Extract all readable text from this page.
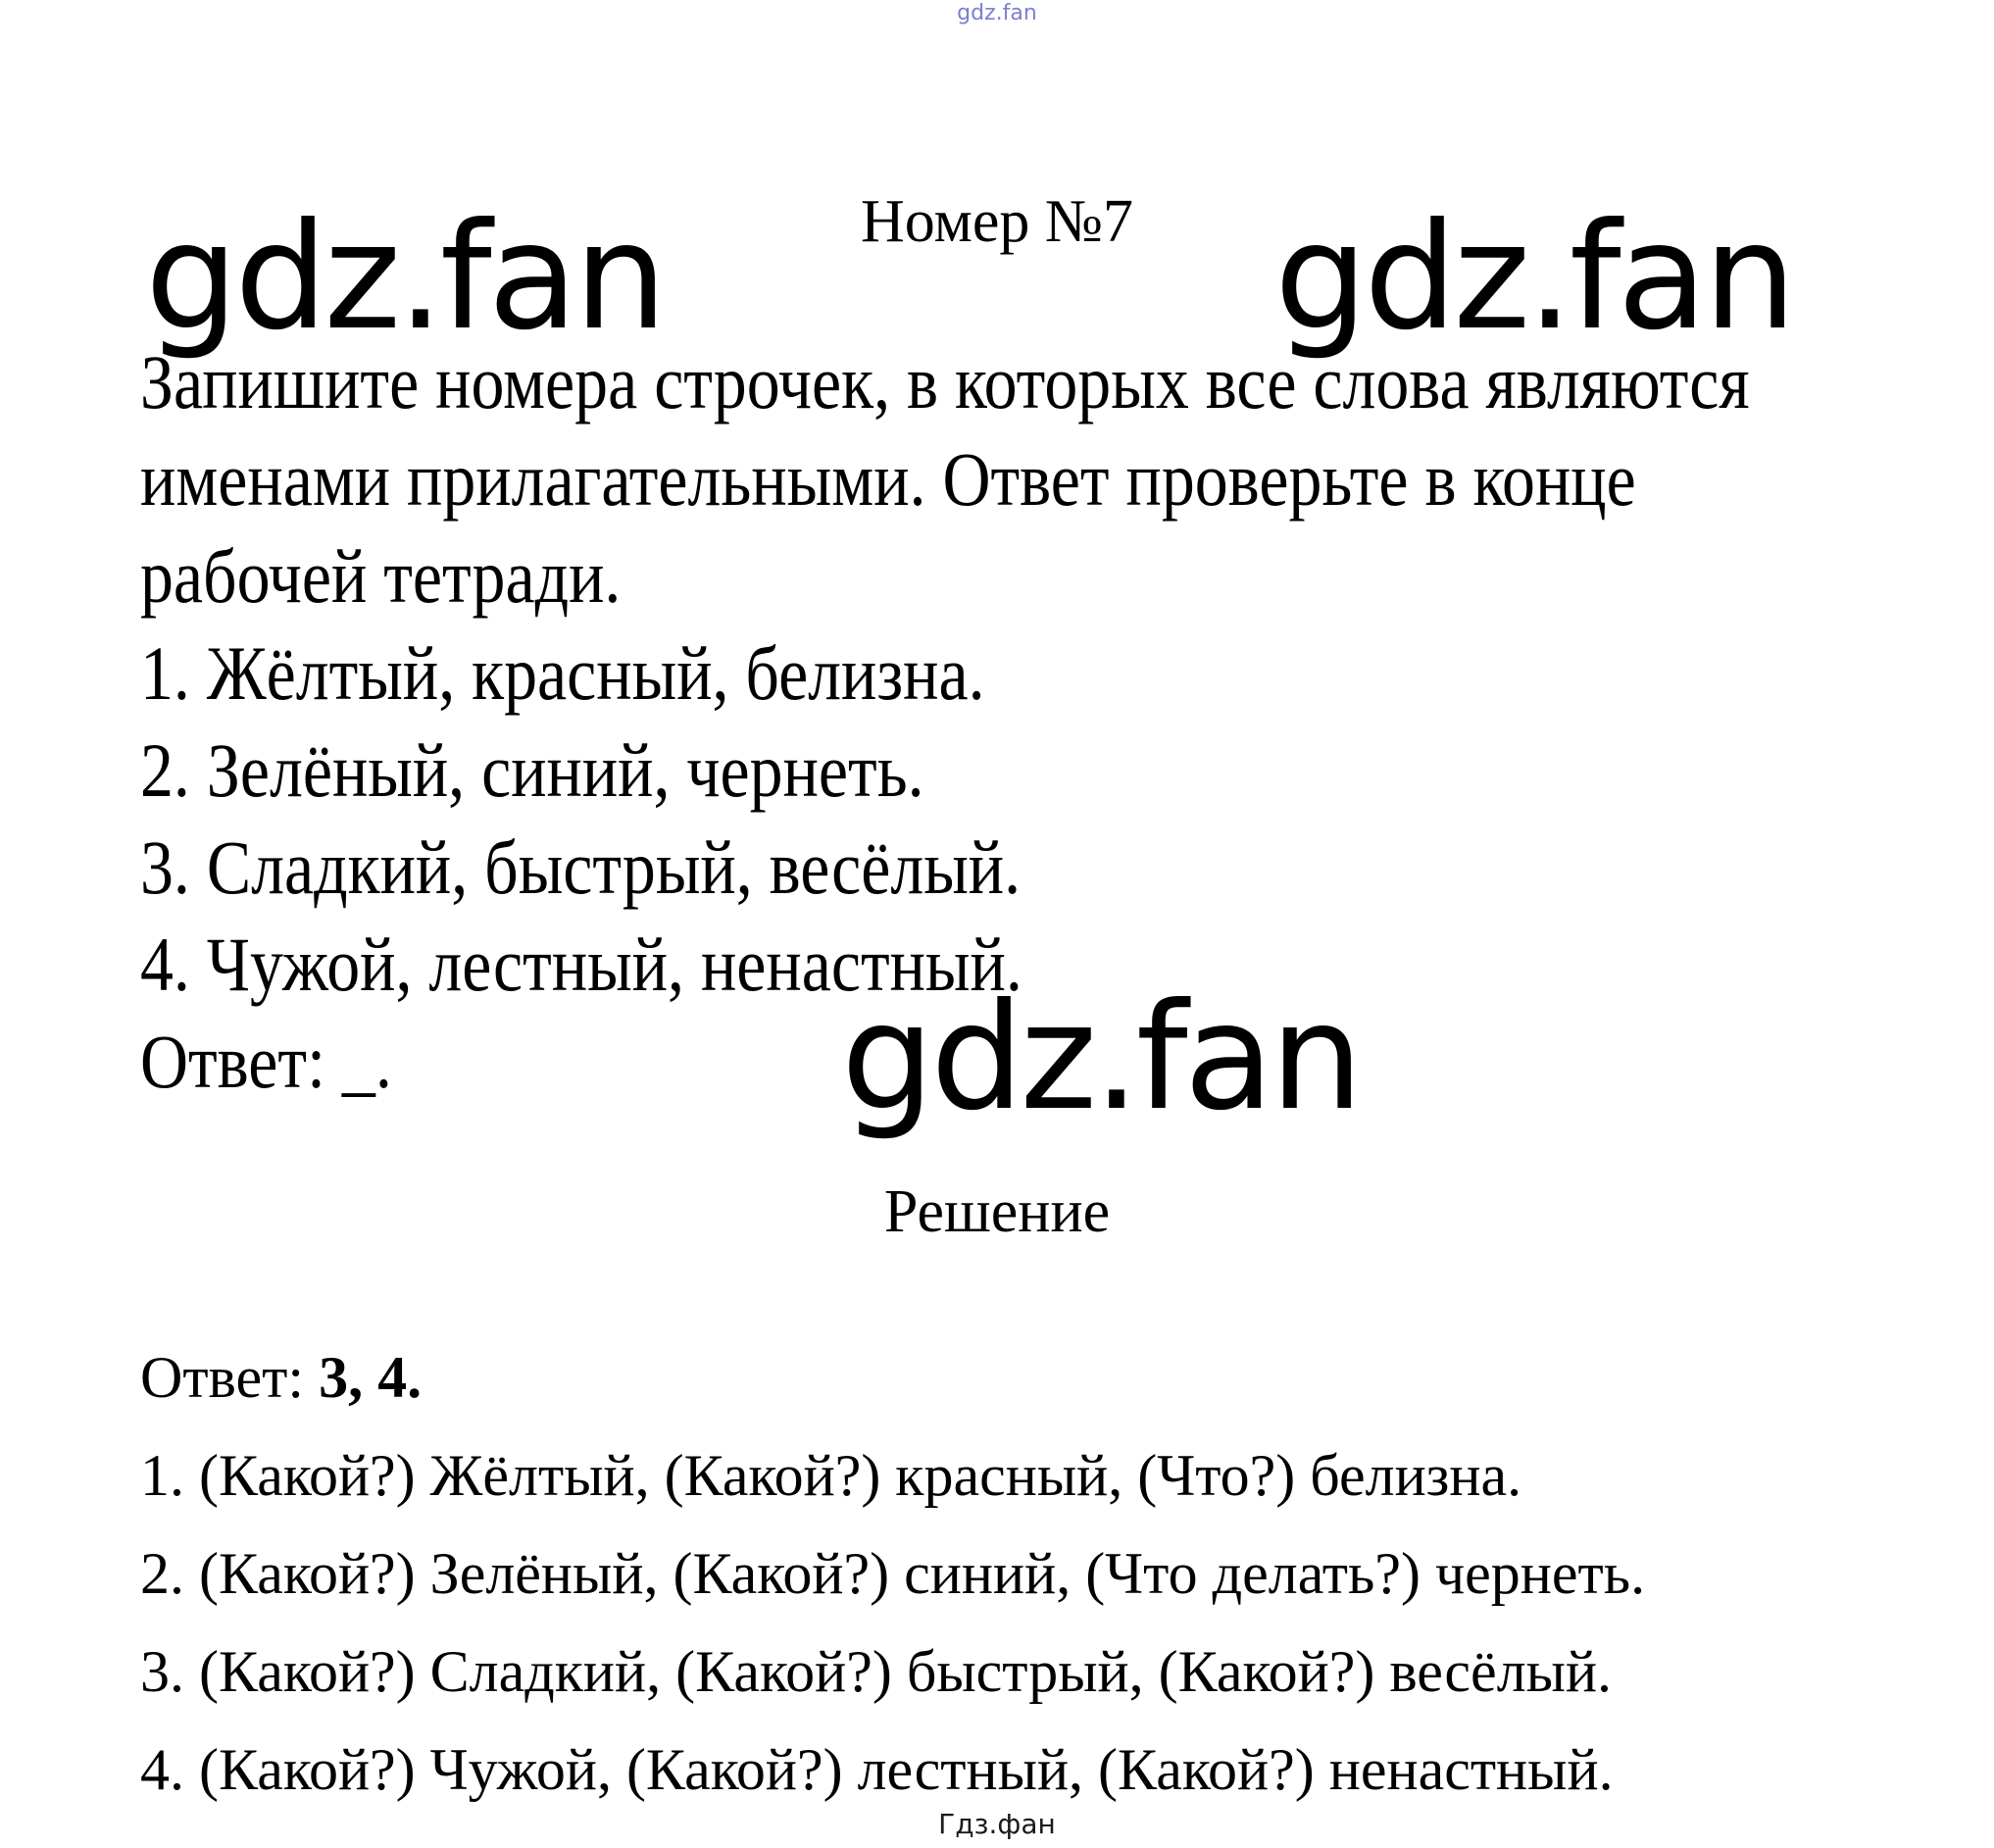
gdz.fan
Номер №7
gdz.fan	gdz.fan
Запишите номера строчек, в которых все слова являются
именами прилагательными. Ответ проверьте в конце
рабочей тетради.
1. Жёлтый, красный, белизна.
2. Зелёный, синий, чернеть.
3. Сладкий, быстрый, весёлый.
4. Чужой, лестный, ненастный.
Ответ: _.	gdz.fan
Решение
Ответ: 3, 4.
1. (Какой?) Жёлтый, (Какой?) красный, (Что?) белизна.
2. (Какой?) Зелёный, (Какой?) синий, (Что делать?) чернеть.
3. (Какой?) Сладкий, (Какой?) быстрый, (Какой?) весёлый.
4. (Какой?) Чужой, (Какой?) лестный, (Какой?) ненастный.
Гдз.фан
